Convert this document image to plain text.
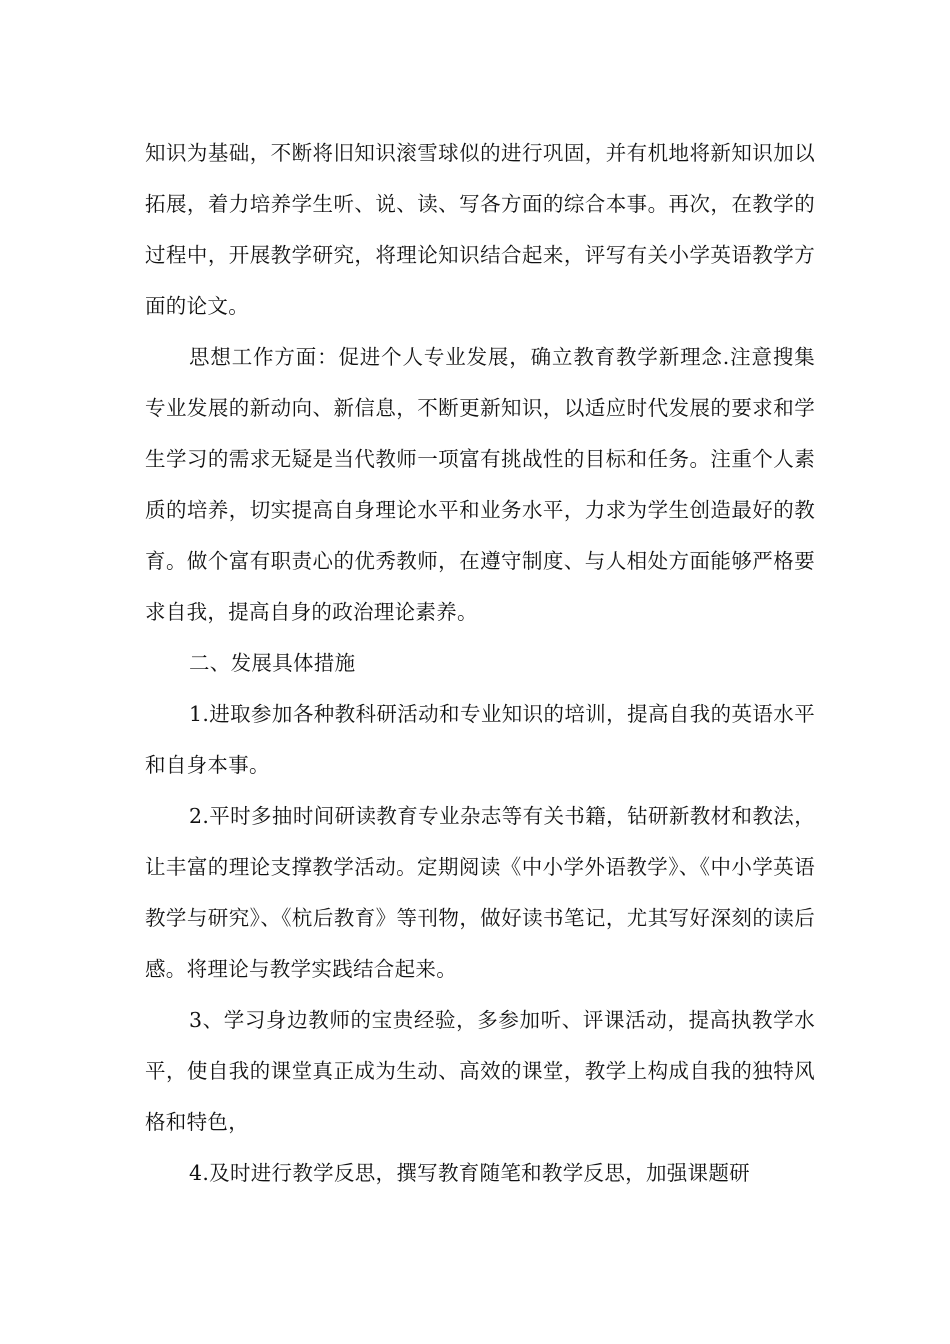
知识为基础，不断将旧知识滚雪球似的进行巩固，并有机地将新知识加以拓展，着力培养学生听、说、读、写各方面的综合本事。再次，在教学的过程中，开展教学研究，将理论知识结合起来，评写有关小学英语教学方面的论文。

思想工作方面：促进个人专业发展，确立教育教学新理念.注意搜集专业发展的新动向、新信息，不断更新知识，以适应时代发展的要求和学生学习的需求无疑是当代教师一项富有挑战性的目标和任务。注重个人素质的培养，切实提高自身理论水平和业务水平，力求为学生创造最好的教育。做个富有职责心的优秀教师，在遵守制度、与人相处方面能够严格要求自我，提高自身的政治理论素养。

二、发展具体措施

1.进取参加各种教科研活动和专业知识的培训，提高自我的英语水平和自身本事。

2.平时多抽时间研读教育专业杂志等有关书籍，钻研新教材和教法，让丰富的理论支撑教学活动。定期阅读《中小学外语教学》、《中小学英语教学与研究》、《杭后教育》等刊物，做好读书笔记，尤其写好深刻的读后感。将理论与教学实践结合起来。

3、学习身边教师的宝贵经验，多参加听、评课活动，提高执教学水平，使自我的课堂真正成为生动、高效的课堂，教学上构成自我的独特风格和特色，

4.及时进行教学反思，撰写教育随笔和教学反思，加强课题研
